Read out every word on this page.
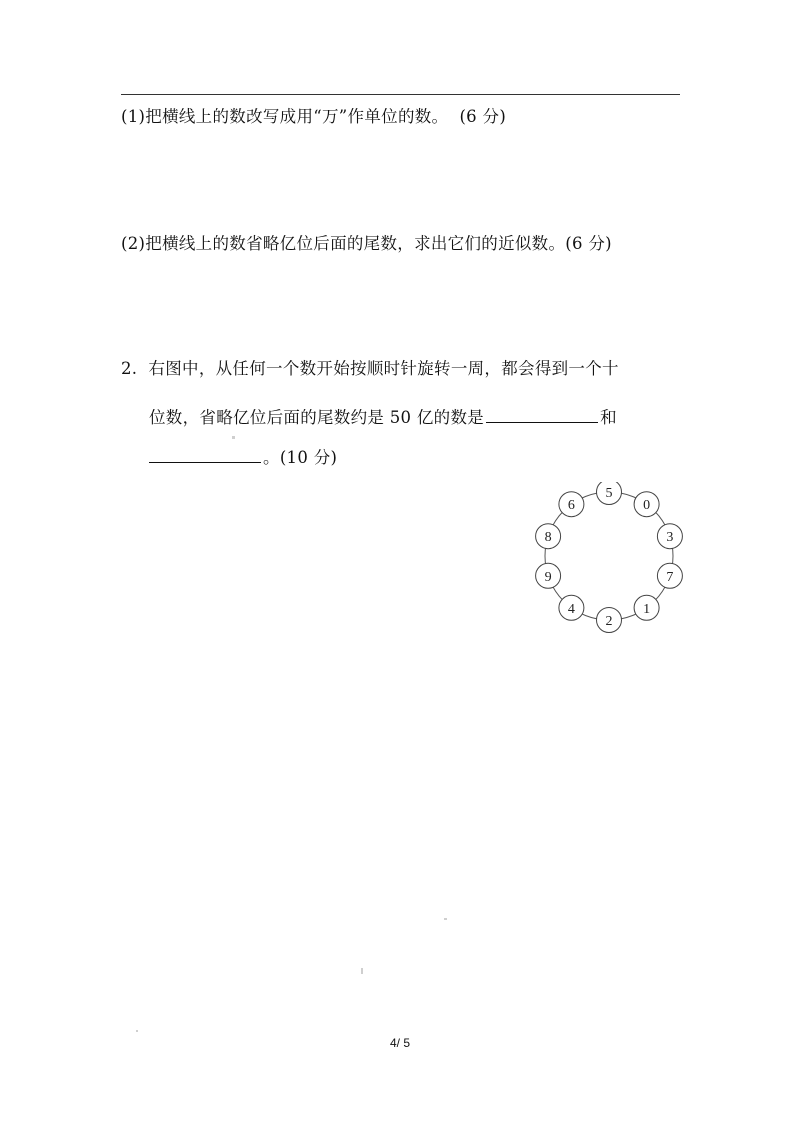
(1)把横线上的数改写成用“万”作单位的数。 (6 分)
(2)把横线上的数省略亿位后面的尾数，求出它们的近似数。(6 分)
2. 右图中，从任何一个数开始按顺时针旋转一周，都会得到一个十
位数，省略亿位后面的尾数约是 50 亿的数是	和
。(10 分)
5
0
3
7
1
2
4
9
8
6
4/ 5
